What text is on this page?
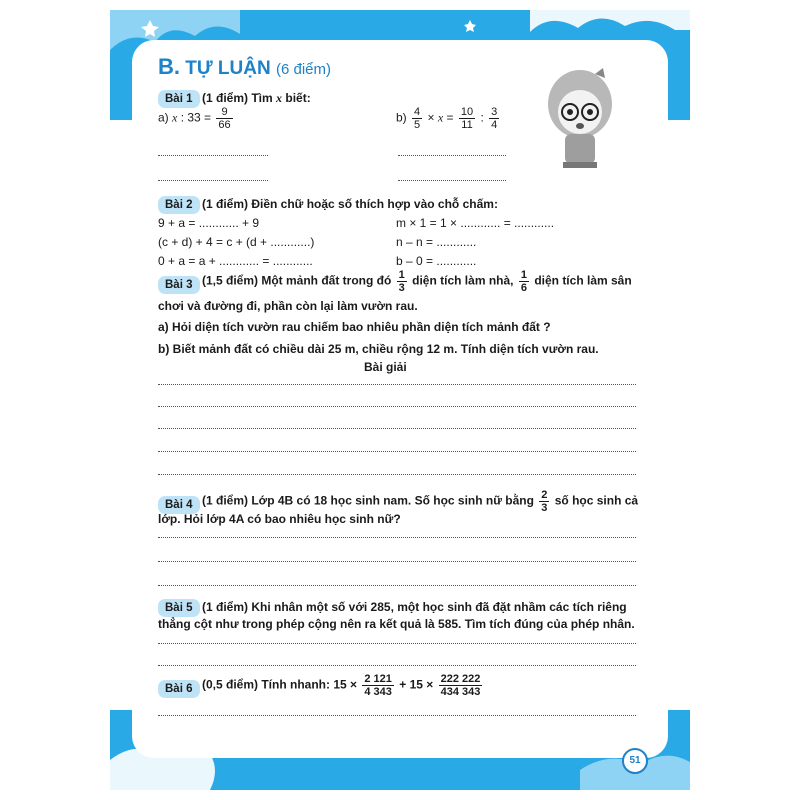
B. TỰ LUẬN (6 điểm)
Bài 1 (1 điểm) Tìm x biết:
a) x : $33 = \frac{9}{66}$	$b) \frac{4}{5} \times x = \frac{10}{11}$ : $\frac{3}{4}$
Bài 2 (1 điểm) Điền chữ hoặc số thích hợp vào chỗ chấm:
9 + a = ............ + 9
(c + d) + 4 = c + (d + ............)
0 + a = a + ............ = ............
m × 1 = 1 × ............ = ............
n – n = ............
b – 0 = ............
Bài 3 (1,5 điểm) Một mảnh đất trong đó $\frac{1}{3}$ diện tích làm nhà, $\frac{1}{6}$ diện tích làm sân
chơi và đường đi, phần còn lại làm vườn rau.
a) Hỏi diện tích vườn rau chiếm bao nhiêu phần diện tích mảnh đất ?
b) Biết mảnh đất có chiều dài 25 m, chiều rộng 12 m. Tính diện tích vườn rau.
Bài giải
Bài 4 (1 điểm) Lớp 4B có 18 học sinh nam. Số học sinh nữ bằng $\frac{2}{3}$ số học sinh cả
lớp. Hỏi lớp 4A có bao nhiêu học sinh nữ?
Bài 5 (1 điểm) Khi nhân một số với 285, một học sinh đã đặt nhầm các tích riêng
thẳng cột như trong phép cộng nên ra kết quả là 585. Tìm tích đúng của phép nhân.
Bài 6 (0,5 điểm) Tính nhanh: $15 \times \frac{2 121}{4 343} + 15 \times \frac{222 222}{434 343}$
51
